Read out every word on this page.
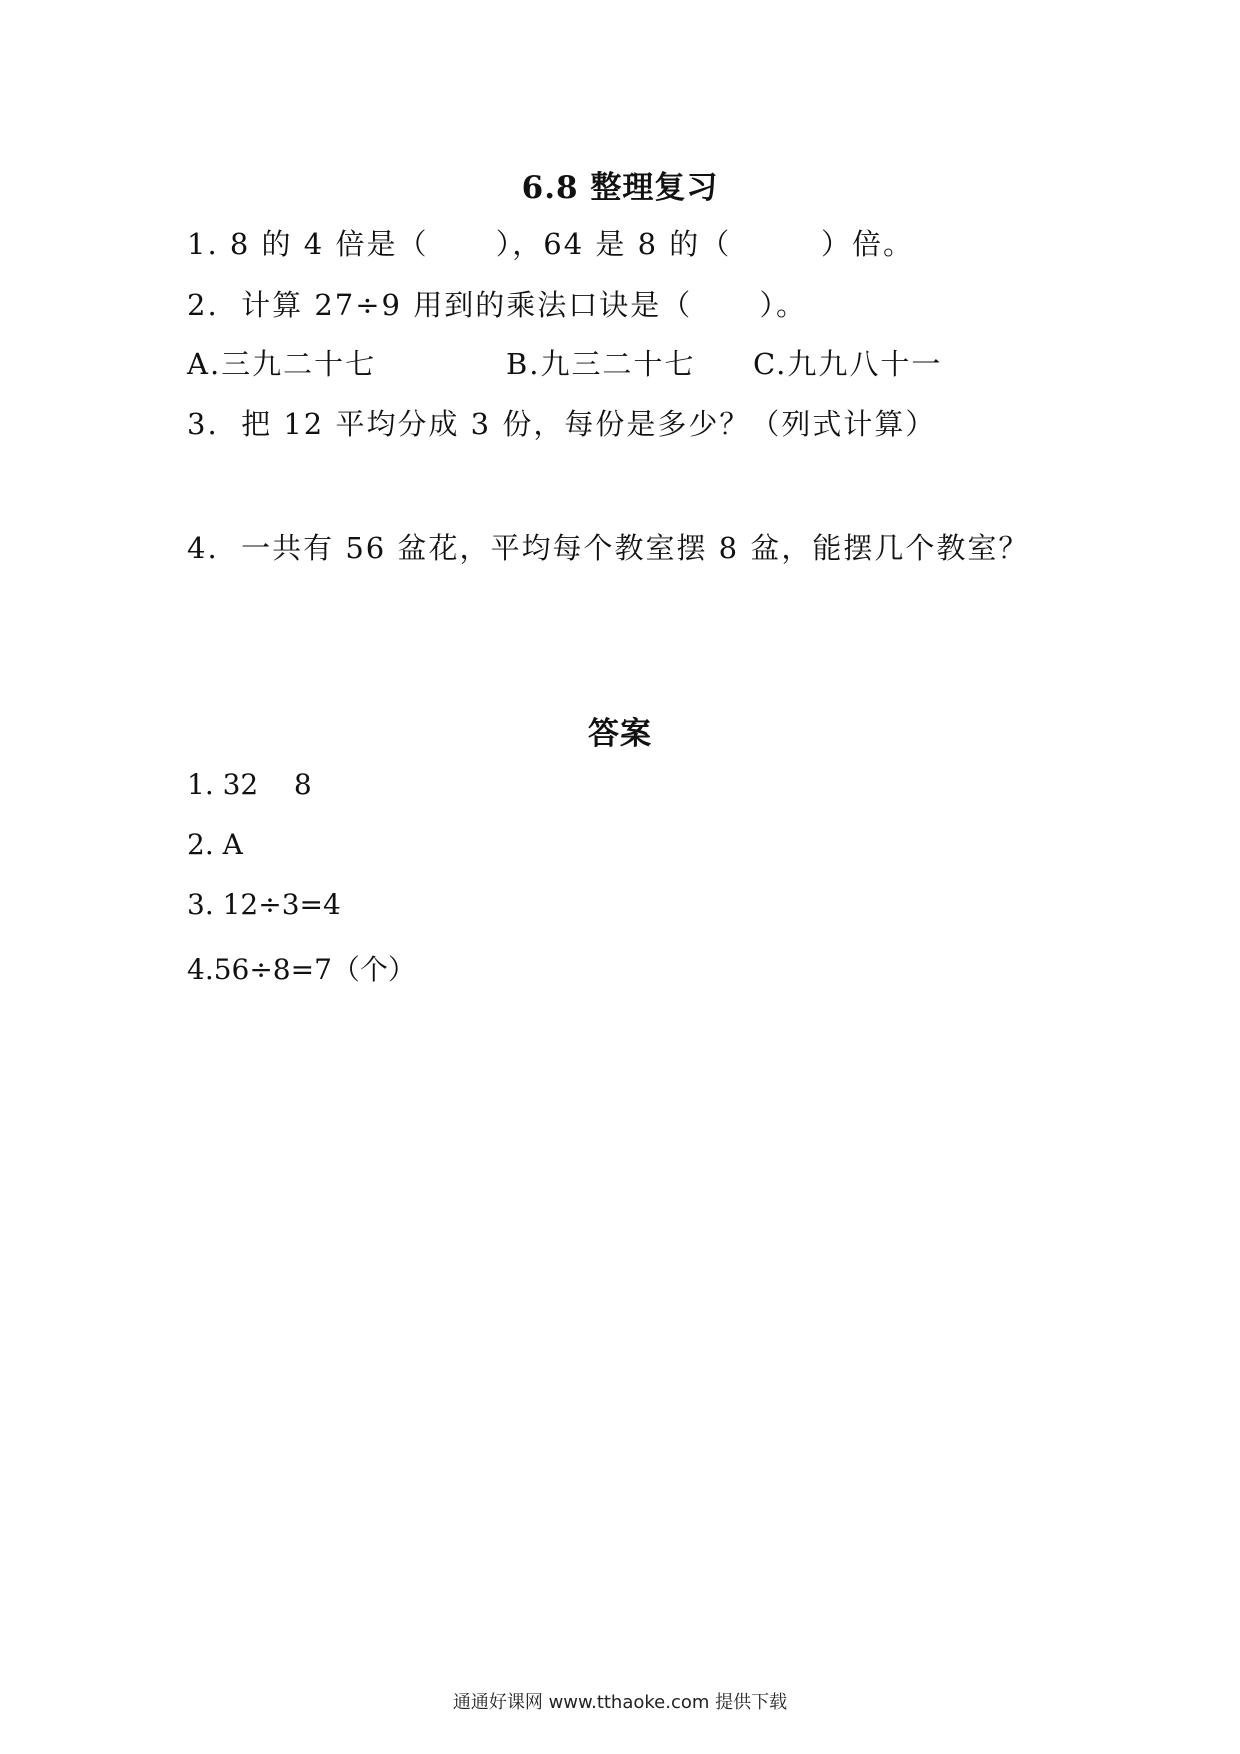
6.8 整理复习
1. 8 的 4 倍是（      ），64 是 8 的（        ）倍。
2.  计算 27÷9 用到的乘法口诀是（      ）。
A.三九二十七	B.九三二十七 C.九九八十一
3.  把 12 平均分成 3 份，每份是多少？（列式计算）
4.  一共有 56 盆花，平均每个教室摆 8 盆，能摆几个教室？
答案
1. 32    8
2. A
3. 12÷3=4
4.56÷8=7（个）
通通好课网 www.tthaoke.com 提供下载
